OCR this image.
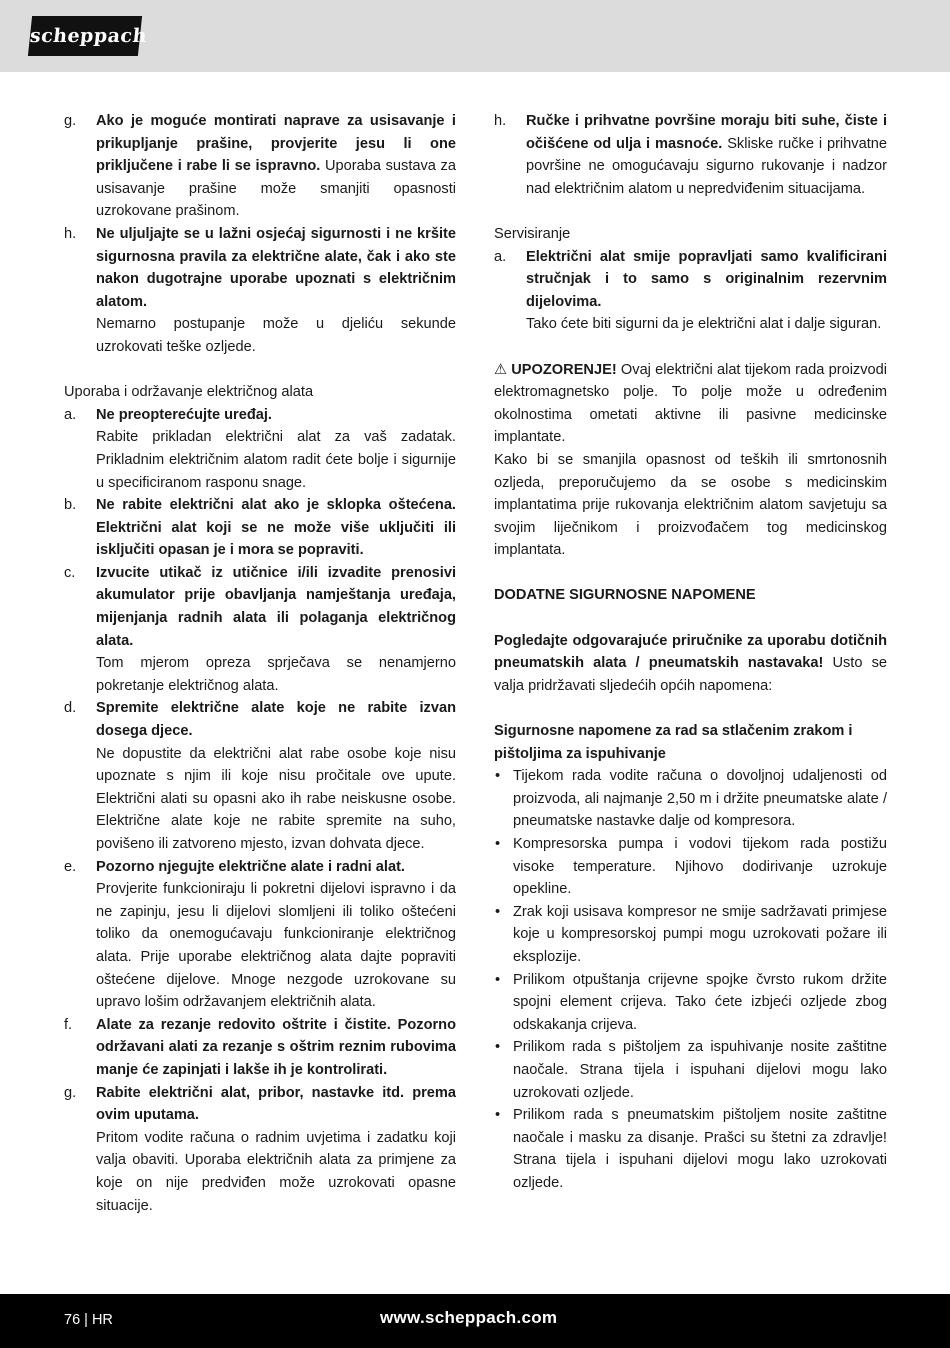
scheppach
g.	Ako je moguće montirati naprave za usisavanje i prikupljanje prašine, provjerite jesu li one priključene i rabe li se ispravno. Uporaba sustava za usisavanje prašine može smanjiti opasnosti uzrokovane prašinom.
h.	Ne uljuljajte se u lažni osjećaj sigurnosti i ne kršite sigurnosna pravila za električne alate, čak i ako ste nakon dugotrajne uporabe upoznati s električnim alatom.
Nemarno postupanje može u djeliću sekunde uzrokovati teške ozljede.
Uporaba i održavanje električnog alata
a.	Ne preopterećujte uređaj.
Rabite prikladan električni alat za vaš zadatak. Prikladnim električnim alatom radit ćete bolje i sigurnije u specificiranom rasponu snage.
b.	Ne rabite električni alat ako je sklopka oštećena. Električni alat koji se ne može više uključiti ili isključiti opasan je i mora se popraviti.
c.	Izvucite utikač iz utičnice i/ili izvadite prenosivi akumulator prije obavljanja namještanja uređaja, mijenjanja radnih alata ili polaganja električnog alata.
Tom mjerom opreza sprječava se nenamjerno pokretanje električnog alata.
d.	Spremite električne alate koje ne rabite izvan dosega djece.
Ne dopustite da električni alat rabe osobe koje nisu upoznate s njim ili koje nisu pročitale ove upute. Električni alati su opasni ako ih rabe neiskusne osobe. Električne alate koje ne rabite spremite na suho, povišeno ili zatvoreno mjesto, izvan dohvata djece.
e.	Pozorno njegujte električne alate i radni alat.
Provjerite funkcioniraju li pokretni dijelovi ispravno i da ne zapinju, jesu li dijelovi slomljeni ili toliko oštećeni toliko da onemogućavaju funkcioniranje električnog alata. Prije uporabe električnog alata dajte popraviti oštećene dijelove. Mnoge nezgode uzrokovane su upravo lošim održavanjem električnih alata.
f.	Alate za rezanje redovito oštrite i čistite. Pozorno održavani alati za rezanje s oštrim reznim rubovima manje će zapinjati i lakše ih je kontrolirati.
g.	Rabite električni alat, pribor, nastavke itd. prema ovim uputama.
Pritom vodite računa o radnim uvjetima i zadatku koji valja obaviti. Uporaba električnih alata za primjene za koje on nije predviđen može uzrokovati opasne situacije.
h.	Ručke i prihvatne površine moraju biti suhe, čiste i očišćene od ulja i masnoće. Skliske ručke i prihvatne površine ne omogućavaju sigurno rukovanje i nadzor nad električnim alatom u nepredviđenim situacijama.
Servisiranje
a.	Električni alat smije popravljati samo kvalificirani stručnjak i to samo s originalnim rezervnim dijelovima.
Tako ćete biti sigurni da je električni alat i dalje siguran.
⚠ UPOZORENJE! Ovaj električni alat tijekom rada proizvodi elektromagnetsko polje. To polje može u određenim okolnostima ometati aktivne ili pasivne medicinske implantate.
Kako bi se smanjila opasnost od teških ili smrtonosnih ozljeda, preporučujemo da se osobe s medicinskim implantatima prije rukovanja električnim alatom savjetuju sa svojim liječnikom i proizvođačem tog medicinskog implantata.
DODATNE SIGURNOSNE NAPOMENE
Pogledajte odgovarajuće priručnike za uporabu dotičnih pneumatskih alata / pneumatskih nastavaka! Usto se valja pridržavati sljedećih općih napomena:
Sigurnosne napomene za rad sa stlačenim zrakom i pištoljima za ispuhivanje
• Tijekom rada vodite računa o dovoljnoj udaljenosti od proizvoda, ali najmanje 2,50 m i držite pneumatske alate / pneumatske nastavke dalje od kompresora.
• Kompresorska pumpa i vodovi tijekom rada postižu visoke temperature. Njihovo dodirivanje uzrokuje opekline.
• Zrak koji usisava kompresor ne smije sadržavati primjese koje u kompresorskoj pumpi mogu uzrokovati požare ili eksplozije.
• Prilikom otpuštanja crijevne spojke čvrsto rukom držite spojni element crijeva. Tako ćete izbjeći ozljede zbog odskakanja crijeva.
• Prilikom rada s pištoljem za ispuhivanje nosite zaštitne naočale. Strana tijela i ispuhani dijelovi mogu lako uzrokovati ozljede.
• Prilikom rada s pneumatskim pištoljem nosite zaštitne naočale i masku za disanje. Prašci su štetni za zdravlje! Strana tijela i ispuhani dijelovi mogu lako uzrokovati ozljede.
76 | HR	www.scheppach.com
